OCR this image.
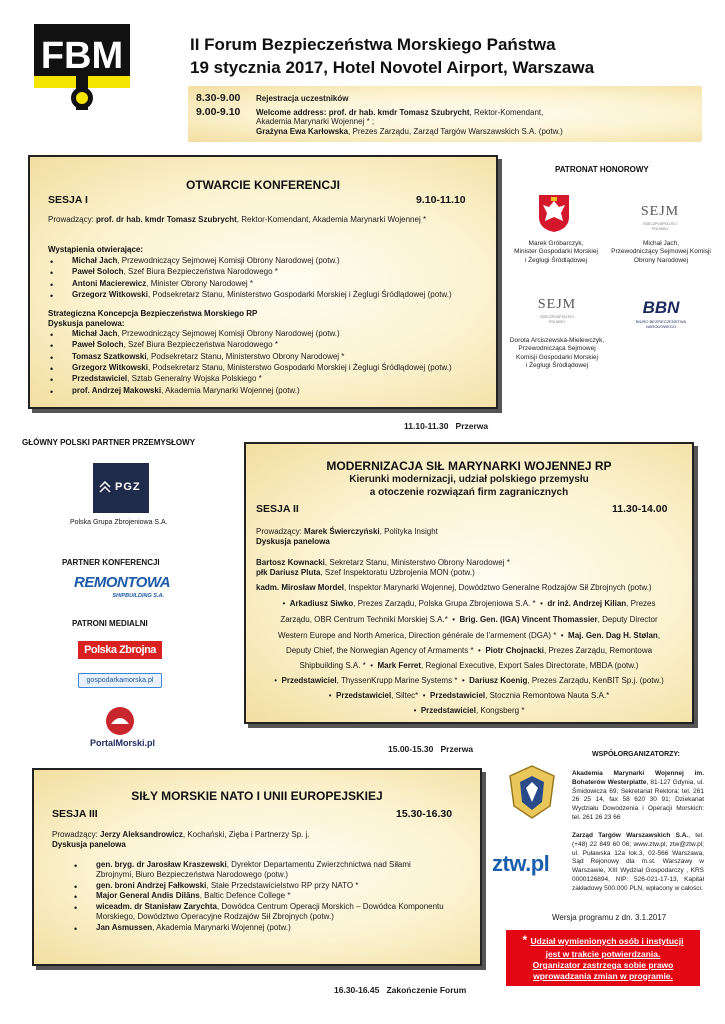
FBM	II Forum Bezpieczeństwa Morskiego Państwa
19 stycznia 2017, Hotel Novotel Airport, Warszawa
8.30-9.00 Rejestracja uczestników
9.00-9.10 Welcome address: prof. dr hab. kmdr Tomasz Szubrycht, Rektor-Komendant,
Akademia Marynarki Wojennej * ;
Grażyna Ewa Karłowska, Prezes Zarządu, Zarząd Targów Warszawskich S.A. (potw.)
OTWARCIE KONFERENCJI
SESJA I	9.10-11.10
Prowadzący: prof. dr hab. kmdr Tomasz Szubrycht, Rektor-Komendant, Akademia Marynarki Wojennej *
Wystąpienia otwierające:
• Michał Jach, Przewodniczący Sejmowej Komisji Obrony Narodowej (potw.)
• Paweł Soloch, Szef Biura Bezpieczeństwa Narodowego *
• Antoni Macierewicz, Minister Obrony Narodowej *
• Grzegorz Witkowski, Podsekretarz Stanu, Ministerstwo Gospodarki Morskiej i Żeglugi Śródlądowej (potw.)
Strategiczna Koncepcja Bezpieczeństwa Morskiego RP
Dyskusja panelowa:
• Michał Jach, Przewodniczący Sejmowej Komisji Obrony Narodowej (potw.)
• Paweł Soloch, Szef Biura Bezpieczeństwa Narodowego *
• Tomasz Szatkowski, Podsekretarz Stanu, Ministerstwo Obrony Narodowej *
• Grzegorz Witkowski, Podsekretarz Stanu, Ministerstwo Gospodarki Morskiej i Żeglugi Śródlądowej (potw.)
• Przedstawiciel, Sztab Generalny Wojska Polskiego *
• prof. Andrzej Makowski, Akademia Marynarki Wojennej (potw.)
11.10-11.30 Przerwa
PATRONAT HONOROWY
Marek Gróbarczyk,
Minister Gospodarki Morskiej
i Żeglugi Śródlądowej
SEJM
RZECZPOSPOLITEJ POLSKIEJ
Michał Jach,
Przewodniczący Sejmowej Komisji
Obrony Narodowej
SEJM
RZECZPOSPOLITEJ POLSKIEJ
Dorota Arciszewska-Mielewczyk,
Przewodnicząca Sejmowej
Komisji Gospodarki Morskiej
i Żeglugi Śródlądowej
BBN
BIURO BEZPIECZEŃSTWA
NARODOWEGO
GŁÓWNY POLSKI PARTNER PRZEMYSŁOWY
PGZ
Polska Grupa Zbrojeniowa S.A.
PARTNER KONFERENCJI
REMONTOWA
SHIPBUILDING S.A.
PATRONI MEDIALNI
Polska Zbrojna
gospodarkamorska.pl
PortalMorski.pl
MODERNIZACJA SIŁ MARYNARKI WOJENNEJ RP
Kierunki modernizacji, udział polskiego przemysłu
a otoczenie rozwiązań firm zagranicznych
SESJA II	11.30-14.00
Prowadzący: Marek Świerczyński, Polityka Insight
Dyskusja panelowa
Bartosz Kownacki, Sekretarz Stanu, Ministerstwo Obrony Narodowej *
płk Dariusz Pluta, Szef Inspektoratu Uzbrojenia MON (potw.)
kadm. Mirosław Mordel, Inspektor Marynarki Wojennej, Dowództwo Generalne Rodzajów Sił Zbrojnych (potw.)
•  Arkadiusz Siwko, Prezes Zarządu, Polska Grupa Zbrojeniowa S.A. *  •  dr inż. Andrzej Kilian, Prezes
Zarządu, OBR Centrum Techniki Morskiej S.A.*  •  Brig. Gen. (IGA) Vincent Thomassier, Deputy Director
Western Europe and North America, Direction générale de l'armement (DGA) *  •  Maj. Gen. Dag H. Stølan,
Deputy Chief, the Norwegian Agency of Armaments *  •  Piotr Chojnacki, Prezes Zarządu, Remontowa
Shipbuilding S.A. *  •  Mark Ferret, Regional Executive, Export Sales Directorate, MBDA (potw.)
•  Przedstawiciel, ThyssenKrupp Marine Systems *  •  Dariusz Koenig, Prezes Zarządu, KenBIT Sp.j. (potw.)
•  Przedstawiciel, Siltec*  •  Przedstawiciel, Stocznia Remontowa Nauta S.A.*
•  Przedstawiciel, Kongsberg *
15.00-15.30 Przerwa
SIŁY MORSKIE NATO I UNII EUROPEJSKIEJ
SESJA III	15.30-16.30
Prowadzący: Jerzy Aleksandrowicz, Kochański, Zięba i Partnerzy Sp. j.
Dyskusja panelowa
• gen. bryg. dr Jarosław Kraszewski, Dyrektor Departamentu Zwierzchnictwa nad Siłami
Zbrojnymi, Biuro Bezpieczeństwa Narodowego (potw.)
• gen. broni Andrzej Fałkowski, Stałe Przedstawicielstwo RP przy NATO *
• Major General Andis Dilāns, Baltic Defence College *
• wiceadm. dr Stanisław Zarychta, Dowódca Centrum Operacji Morskich – Dowódca Komponentu
Morskiego, Dowództwo Operacyjne Rodzajów Sił Zbrojnych (potw.)
• Jan Asmussen, Akademia Marynarki Wojennej (potw.)
16.30-16.45 Zakończenie Forum
WSPÓŁORGANIZATORZY:
Akademia Marynarki Wojennej im. Bohaterów Westerplatte, 81-127 Gdynia, ul. Śmidowicza 69, Sekretariat Rektora: tel. 261 26 25 14, fax 58 620 30 91; Dziekanat Wydziału Dowodzenia i Operacji Morskich: tel. 261 26 23 66
ztw.pl
Zarząd Targów Warszawskich S.A., tel. (+48) 22 849 60 06; www.ztw.pl; ztw@ztw.pl; ul. Puławska 12a lok.3, 02-566 Warszawa, Sąd Rejonowy dla m.st. Warszawy w Warszawie, XIII Wydział Gospodarczy , KRS 0000126894, NIP: 526-021-17-13, Kapitał zakładowy 500.000 PLN, wpłacony w całości.
Wersja programu z dn. 3.1.2017
* Udział wymienionych osób i instytucji
jest w trakcie potwierdzania.
Organizator zastrzega sobie prawo
wprowadzania zmian w programie.
